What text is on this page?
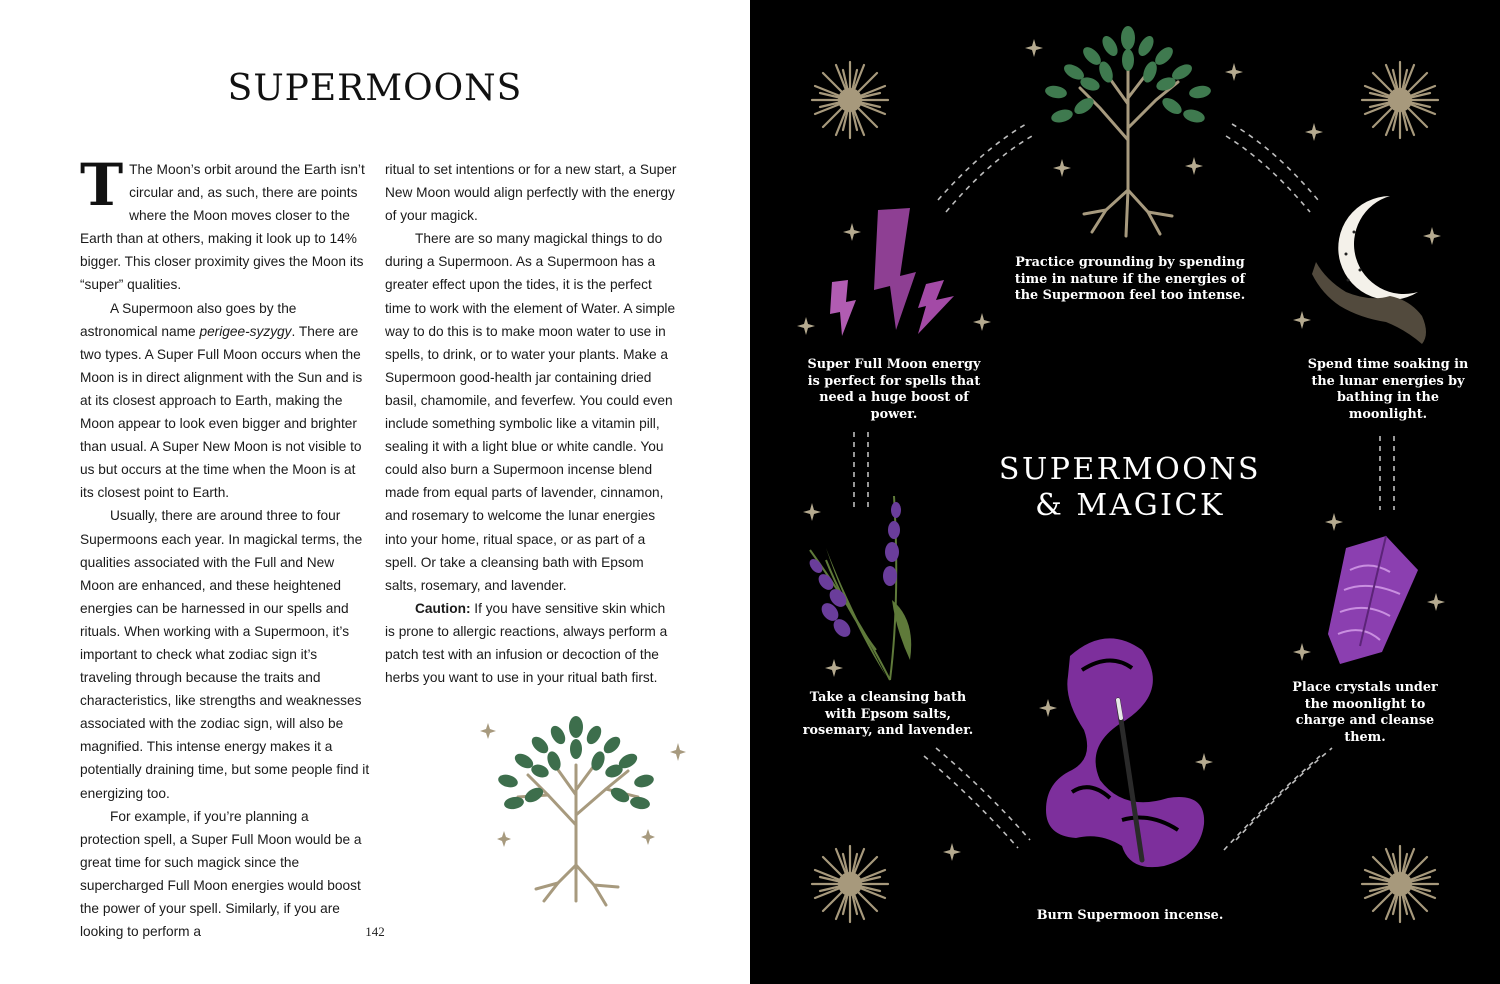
SUPERMOONS

T The Moon’s orbit around the Earth isn’t circular and, as such, there are points where the Moon moves closer to the Earth than at others, making it look up to 14% bigger. This closer proximity gives the Moon its “super” qualities.

A Supermoon also goes by the astronomical name perigee-syzygy. There are two types. A Super Full Moon occurs when the Moon is in direct alignment with the Sun and is at its closest approach to Earth, making the Moon appear to look even bigger and brighter than usual. A Super New Moon is not visible to us but occurs at the time when the Moon is at its closest point to Earth.

Usually, there are around three to four Supermoons each year. In magickal terms, the qualities associated with the Full and New Moon are enhanced, and these heightened energies can be harnessed in our spells and rituals. When working with a Supermoon, it’s important to check what zodiac sign it’s traveling through because the traits and characteristics, like strengths and weaknesses associated with the zodiac sign, will also be magnified. This intense energy makes it a potentially draining time, but some people find it energizing too.

For example, if you’re planning a protection spell, a Super Full Moon would be a great time for such magick since the supercharged Full Moon energies would boost the power of your spell. Similarly, if you are looking to perform a

ritual to set intentions or for a new start, a Super New Moon would align perfectly with the energy of your magick.

There are so many magickal things to do during a Supermoon. As a Supermoon has a greater effect upon the tides, it is the perfect time to work with the element of Water. A simple way to do this is to make moon water to use in spells, to drink, or to water your plants. Make a Supermoon good-health jar containing dried basil, chamomile, and feverfew. You could even include something symbolic like a vitamin pill, sealing it with a light blue or white candle. You could also burn a Supermoon incense blend made from equal parts of lavender, cinnamon, and rosemary to welcome the lunar energies into your home, ritual space, or as part of a spell. Or take a cleansing bath with Epsom salts, rosemary, and lavender.

Caution: If you have sensitive skin which is prone to allergic reactions, always perform a patch test with an infusion or decoction of the herbs you want to use in your ritual bath first.

142
Practice grounding by spending time in nature if the energies of the Supermoon feel too intense.
Super Full Moon energy is perfect for spells that need a huge boost of power.
Spend time soaking in the lunar energies by bathing in the moonlight.
SUPERMOONS
& MAGICK
Take a cleansing bath with Epsom salts, rosemary, and lavender.
Place crystals under the moonlight to charge and cleanse them.
Burn Supermoon incense.
